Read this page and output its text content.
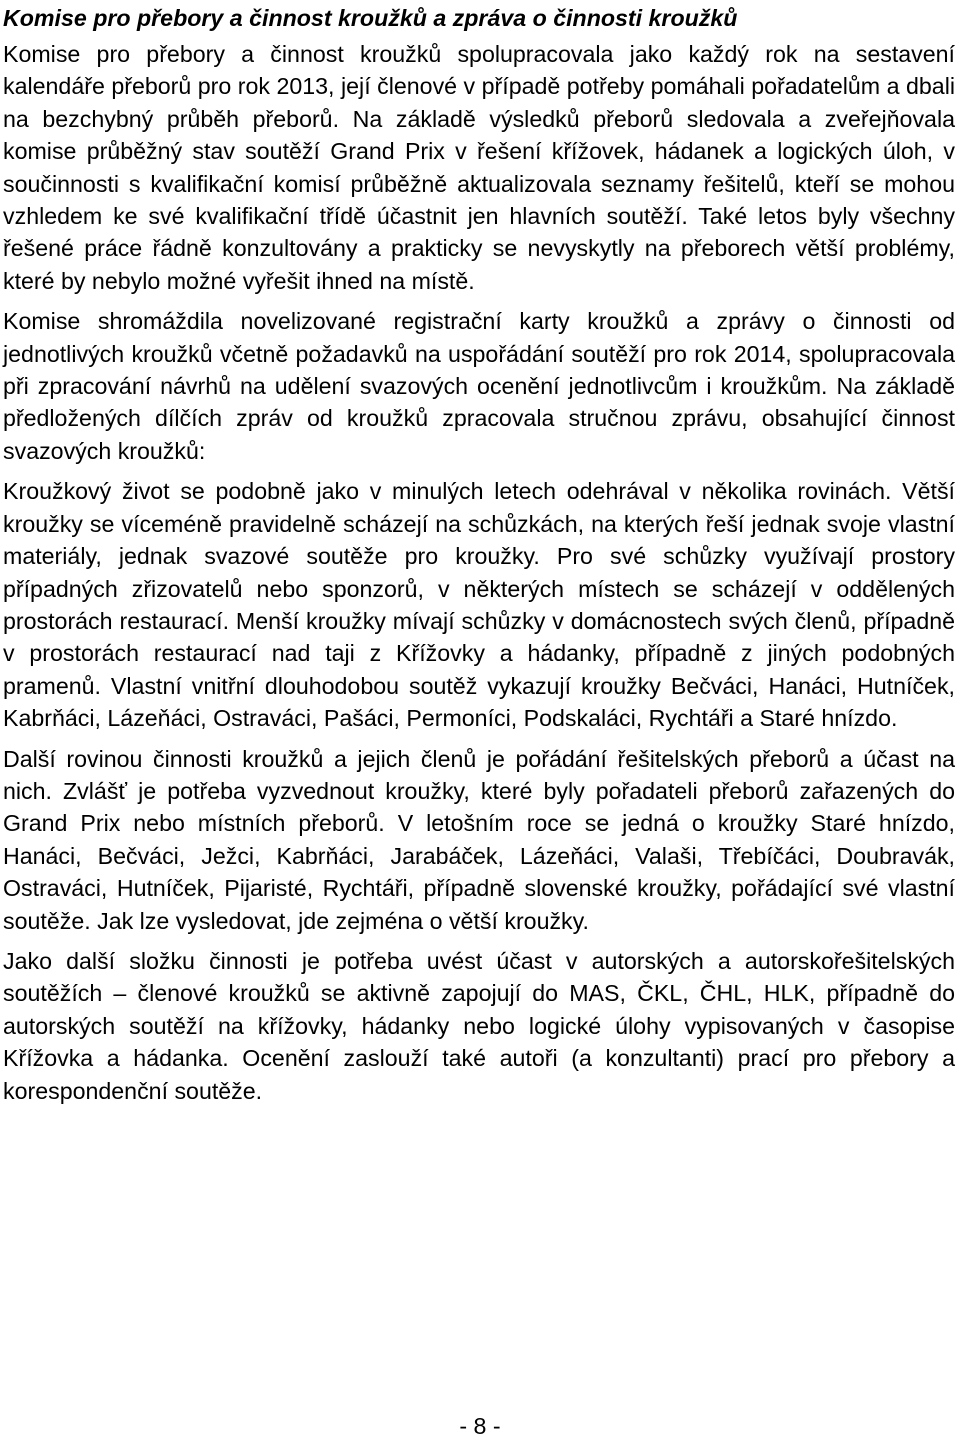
Komise pro přebory a činnost kroužků a zpráva o činnosti kroužků

Komise pro přebory a činnost kroužků spolupracovala jako každý rok na sestavení kalendáře přeborů pro rok 2013, její členové v případě potřeby pomáhali pořadatelům a dbali na bezchybný průběh přeborů. Na základě výsledků přeborů sledovala a zveřejňovala komise průběžný stav soutěží Grand Prix v řešení křížovek, hádanek a logických úloh, v součinnosti s kvalifikační komisí průběžně aktualizovala seznamy řešitelů, kteří se mohou vzhledem ke své kvalifikační třídě účastnit jen hlavních soutěží. Také letos byly všechny řešené práce řádně konzultovány a prakticky se nevyskytly na přeborech větší problémy, které by nebylo možné vyřešit ihned na místě.

Komise shromáždila novelizované registrační karty kroužků a zprávy o činnosti od jednotlivých kroužků včetně požadavků na uspořádání soutěží pro rok 2014, spolupracovala při zpracování návrhů na udělení svazových ocenění jednotlivcům i kroužkům. Na základě předložených dílčích zpráv od kroužků zpracovala stručnou zprávu, obsahující činnost svazových kroužků:

Kroužkový život se podobně jako v minulých letech odehrával v několika rovinách. Větší kroužky se víceméně pravidelně scházejí na schůzkách, na kterých řeší jednak svoje vlastní materiály, jednak svazové soutěže pro kroužky. Pro své schůzky využívají prostory případných zřizovatelů nebo sponzorů, v některých místech se scházejí v oddělených prostorách restaurací. Menší kroužky mívají schůzky v domácnostech svých členů, případně v prostorách restaurací nad taji z Křížovky a hádanky, případně z jiných podobných pramenů. Vlastní vnitřní dlouhodobou soutěž vykazují kroužky Bečváci, Hanáci, Hutníček, Kabrňáci, Lázeňáci, Ostraváci, Pašáci, Permoníci, Podskaláci, Rychtáři a Staré hnízdo.

Další rovinou činnosti kroužků a jejich členů je pořádání řešitelských přeborů a účast na nich. Zvlášť je potřeba vyzvednout kroužky, které byly pořadateli přeborů zařazených do Grand Prix nebo místních přeborů. V letošním roce se jedná o kroužky Staré hnízdo, Hanáci, Bečváci, Ježci, Kabrňáci, Jarabáček, Lázeňáci, Valaši, Třebíčáci, Doubravák, Ostraváci, Hutníček, Pijaristé, Rychtáři, případně slovenské kroužky, pořádající své vlastní soutěže. Jak lze vysledovat, jde zejména o větší kroužky.

Jako další složku činnosti je potřeba uvést účast v autorských a autorskořešitelských soutěžích – členové kroužků se aktivně zapojují do MAS, ČKL, ČHL, HLK, případně do autorských soutěží na křížovky, hádanky nebo logické úlohy vypisovaných v časopise Křížovka a hádanka. Ocenění zaslouží také autoři (a konzultanti) prací pro přebory a korespondenční soutěže.

- 8 -
